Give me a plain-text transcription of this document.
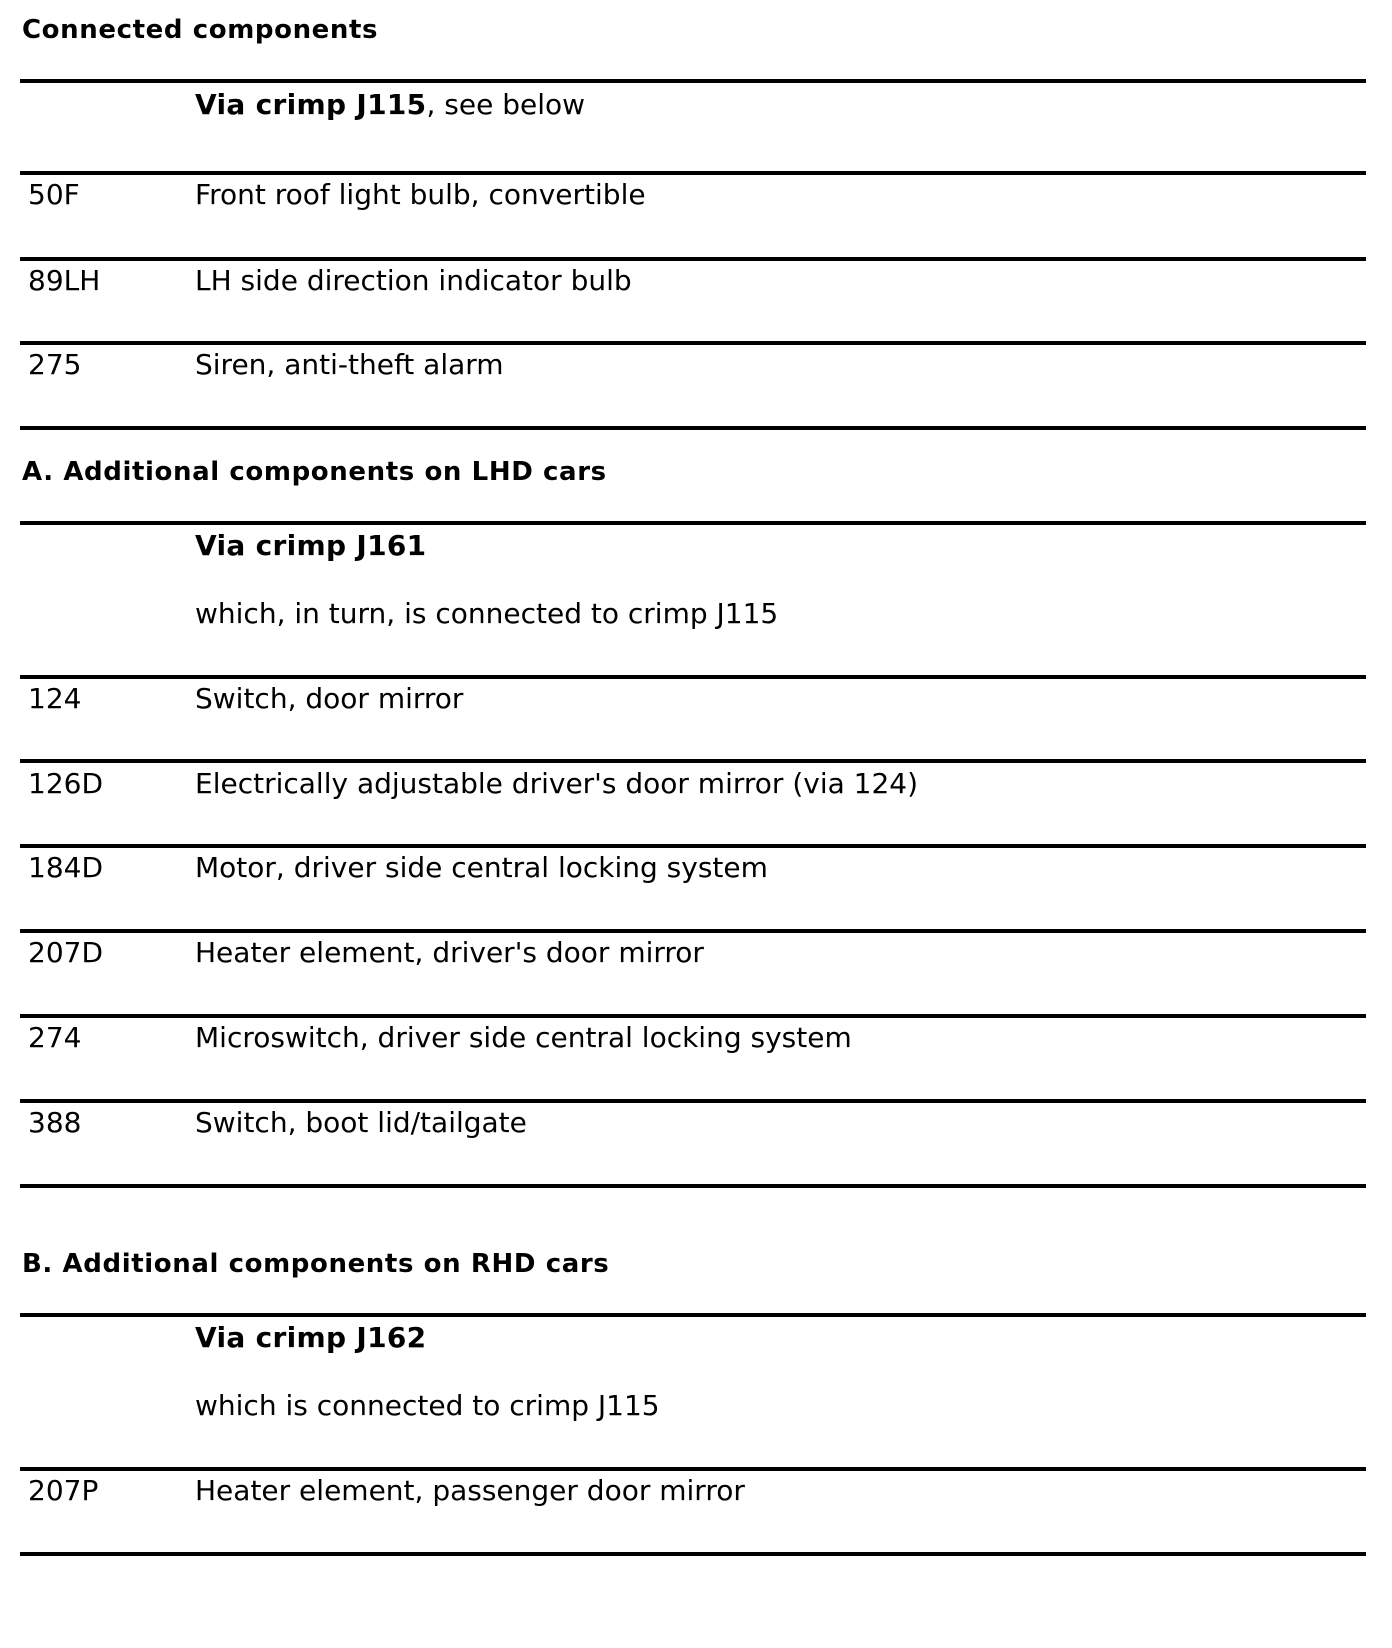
Connected components
Via crimp J115, see below
50F	Front roof light bulb, convertible
89LH	LH side direction indicator bulb
275	Siren, anti-theft alarm
A. Additional components on LHD cars
Via crimp J161
which, in turn, is connected to crimp J115
124	Switch, door mirror
126D	Electrically adjustable driver's door mirror (via 124)
184D	Motor, driver side central locking system
207D	Heater element, driver's door mirror
274	Microswitch, driver side central locking system
388	Switch, boot lid/tailgate
B. Additional components on RHD cars
Via crimp J162
which is connected to crimp J115
207P	Heater element, passenger door mirror
